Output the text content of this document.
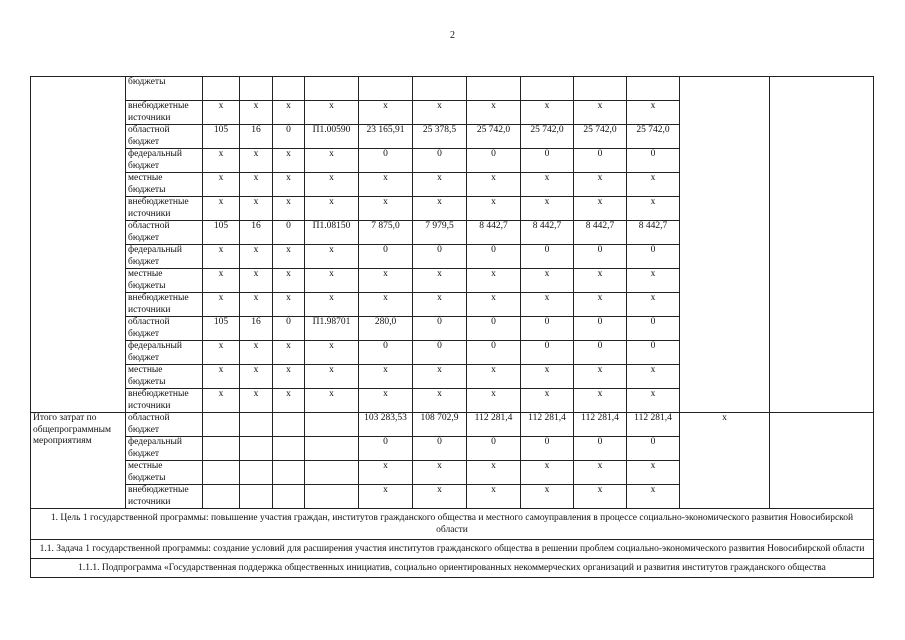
2
	бюджеты												
	внебюджетные источники	x	x	x	x	x	x	x	x	x	x		
	областной бюджет	105	16	0	П1.00590	23 165,91	25 378,5	25 742,0	25 742,0	25 742,0	25 742,0		
	федеральный бюджет	x	x	x	x	0	0	0	0	0	0		
	местные бюджеты	x	x	x	x	x	x	x	x	x	x		
	внебюджетные источники	x	x	x	x	x	x	x	x	x	x		
	областной бюджет	105	16	0	П1.08150	7 875,0	7 979,5	8 442,7	8 442,7	8 442,7	8 442,7		
	федеральный бюджет	x	x	x	x	0	0	0	0	0	0		
	местные бюджеты	x	x	x	x	x	x	x	x	x	x		
	внебюджетные источники	x	x	x	x	x	x	x	x	x	x		
	областной бюджет	105	16	0	П1.98701	280,0	0	0	0	0	0		
	федеральный бюджет	x	x	x	x	0	0	0	0	0	0		
	местные бюджеты	x	x	x	x	x	x	x	x	x	x		
	внебюджетные источники	x	x	x	x	x	x	x	x	x	x		
Итого затрат по общепрограммным мероприятиям	областной бюджет					103 283,53	108 702,9	112 281,4	112 281,4	112 281,4	112 281,4	x	
	федеральный бюджет					0	0	0	0	0	0		
	местные бюджеты					x	x	x	x	x	x		
	внебюджетные источники					x	x	x	x	x	x		
1. Цель 1 государственной программы: повышение участия граждан, институтов гражданского общества и местного самоуправления в процессе социально-экономического развития Новосибирской области													
1.1. Задача 1 государственной программы: создание условий для расширения участия институтов гражданского общества в решении проблем социально-экономического развития Новосибирской области													
1.1.1. Подпрограмма «Государственная поддержка общественных инициатив, социально ориентированных некоммерческих организаций и развития институтов гражданского общества													
